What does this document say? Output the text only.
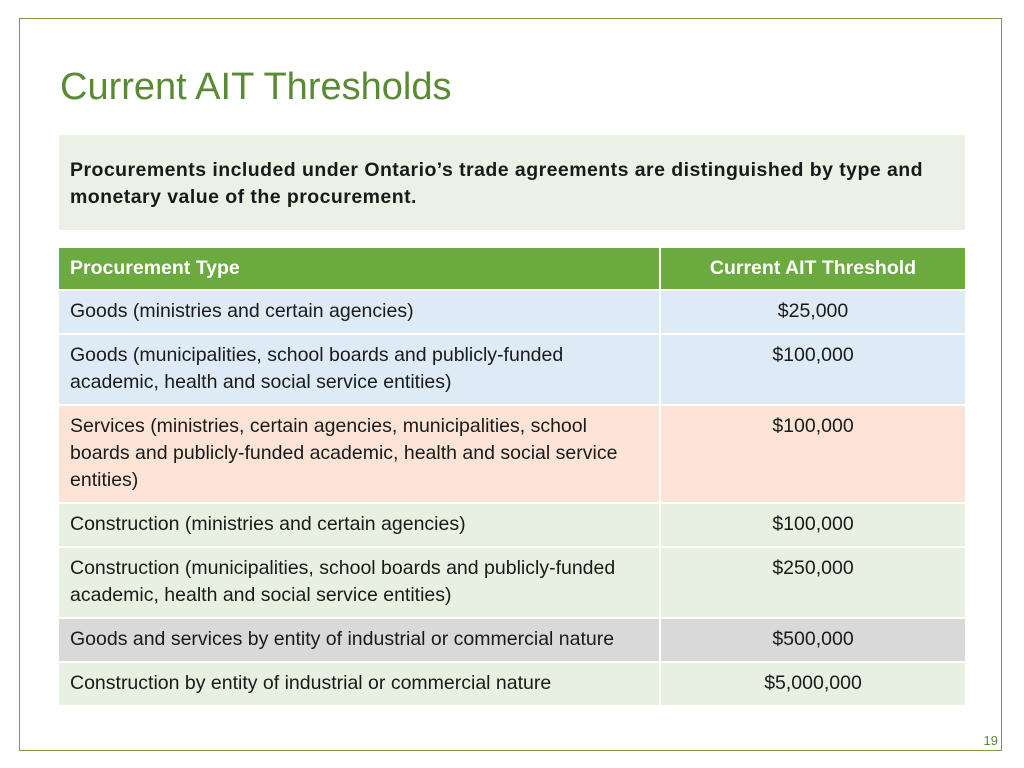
Current AIT Thresholds
Procurements included under Ontario’s trade agreements are distinguished by type and monetary value of the procurement.
Procurement Type	Current AIT Threshold
Goods (ministries and certain agencies)	$25,000
Goods (municipalities, school boards and publicly-funded academic, health and social service entities)	$100,000
Services (ministries, certain agencies, municipalities, school boards and publicly-funded academic, health and social service entities)	$100,000
Construction (ministries and certain agencies)	$100,000
Construction (municipalities, school boards and publicly-funded academic, health and social service entities)	$250,000
Goods and services by entity of industrial or commercial nature	$500,000
Construction by entity of industrial or commercial nature	$5,000,000
19
